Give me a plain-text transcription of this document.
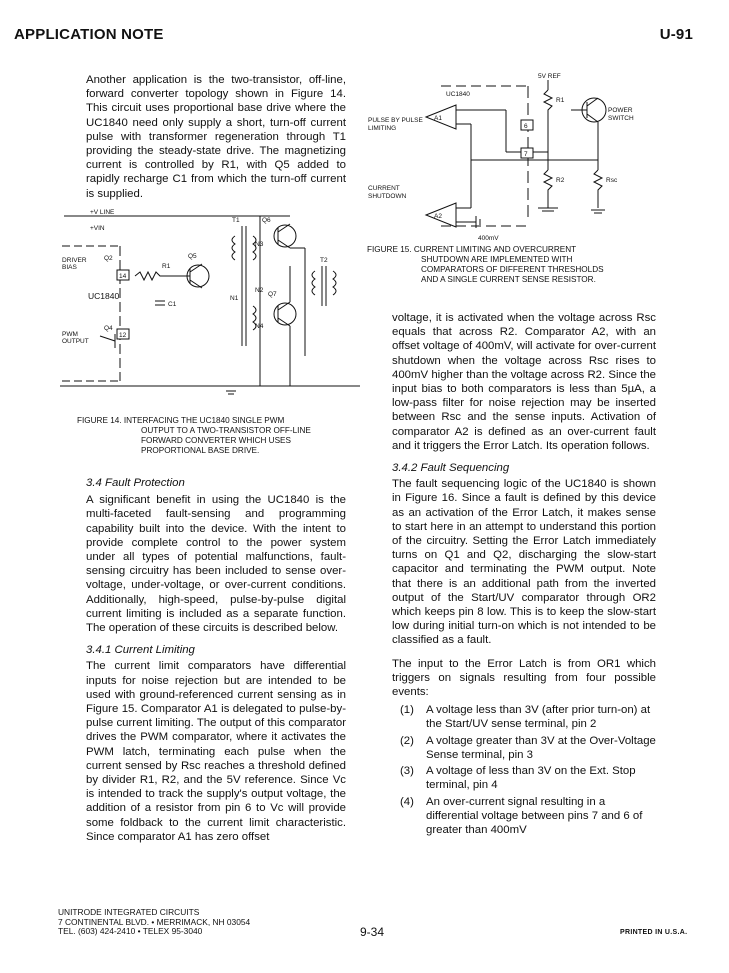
APPLICATION NOTE	U-91

Another application is the two-transistor, off-line, forward converter topology shown in Figure 14. This circuit uses proportional base drive where the UC1840 need only supply a short, turn-off current pulse with transformer regeneration through T1 providing the steady-state drive. The magnetizing current is controlled by R1, with Q5 added to rapidly recharge C1 from which the turn-off current is supplied.

+V LINE
+VIN
DRIVER
BIAS
Q2	Q5
R1
14
C1
T1	Q6
N3
N1
N2
Q7
N4
T2
Q4
12
PWM
OUTPUT
UC1840
FIGURE 14. INTERFACING THE UC1840 SINGLE PWM
OUTPUT TO A TWO-TRANSISTOR OFF-LINE
FORWARD CONVERTER WHICH USES
PROPORTIONAL BASE DRIVE.

3.4 Fault Protection

A significant benefit in using the UC1840 is the multi-faceted fault-sensing and programming capability built into the device. With the intent to provide complete control to the power system under all types of potential malfunctions, fault-sensing circuitry has been included to sense over-voltage, under-voltage, or over-current conditions. Additionally, high-speed, pulse-by-pulse digital current limiting is included as a separate function. The operation of these circuits is described below.

3.4.1 Current Limiting

The current limit comparators have differential inputs for noise rejection but are intended to be used with ground-referenced current sensing as in Figure 15. Comparator A1 is delegated to pulse-by-pulse current limiting. The output of this comparator drives the PWM comparator, where it activates the PWM latch, terminating each pulse when the current sensed by Rsc reaches a threshold defined by divider R1, R2, and the 5V reference. Since Vc is intended to track the supply's output voltage, the addition of a resistor from pin 6 to Vc will provide some foldback to the current limit characteristic. Since comparator A1 has zero offset

5V REF
UC1840
R1
POWER
SWITCH
PULSE BY PULSE
LIMITING
A1
6
7
R2	Rsc
CURRENT
SHUTDOWN
A2
400mV
FIGURE 15. CURRENT LIMITING AND OVERCURRENT
SHUTDOWN ARE IMPLEMENTED WITH
COMPARATORS OF DIFFERENT THRESHOLDS
AND A SINGLE CURRENT SENSE RESISTOR.

voltage, it is activated when the voltage across Rsc equals that across R2. Comparator A2, with an offset voltage of 400mV, will activate for over-current shutdown when the voltage across Rsc rises to 400mV higher than the voltage across R2. Since the input bias to both comparators is less than 5µA, a low-pass filter for noise rejection may be inserted between Rsc and the sense inputs. Activation of comparator A2 is defined as an over-current fault and it triggers the Error Latch. Its operation follows.

3.4.2 Fault Sequencing

The fault sequencing logic of the UC1840 is shown in Figure 16. Since a fault is defined by this device as an activation of the Error Latch, it makes sense to start here in an attempt to understand this portion of the circuitry. Setting the Error Latch immediately turns on Q1 and Q2, discharging the slow-start capacitor and terminating the PWM output. Note that there is an additional path from the inverted output of the Start/UV comparator through OR2 which keeps pin 8 low. This is to keep the slow-start low during initial turn-on which is not intended to be classified as a fault.

The input to the Error Latch is from OR1 which triggers on signals resulting from four possible events:

(1) A voltage less than 3V (after prior turn-on) at the Start/UV sense terminal, pin 2
(2) A voltage greater than 3V at the Over-Voltage Sense terminal, pin 3
(3) A voltage of less than 3V on the Ext. Stop terminal, pin 4
(4) An over-current signal resulting in a differential voltage between pins 7 and 6 of greater than 400mV
UNITRODE INTEGRATED CIRCUITS
7 CONTINENTAL BLVD. • MERRIMACK, NH 03054
TEL. (603) 424-2410 • TELEX 95-3040	9-34	PRINTED IN U.S.A.
